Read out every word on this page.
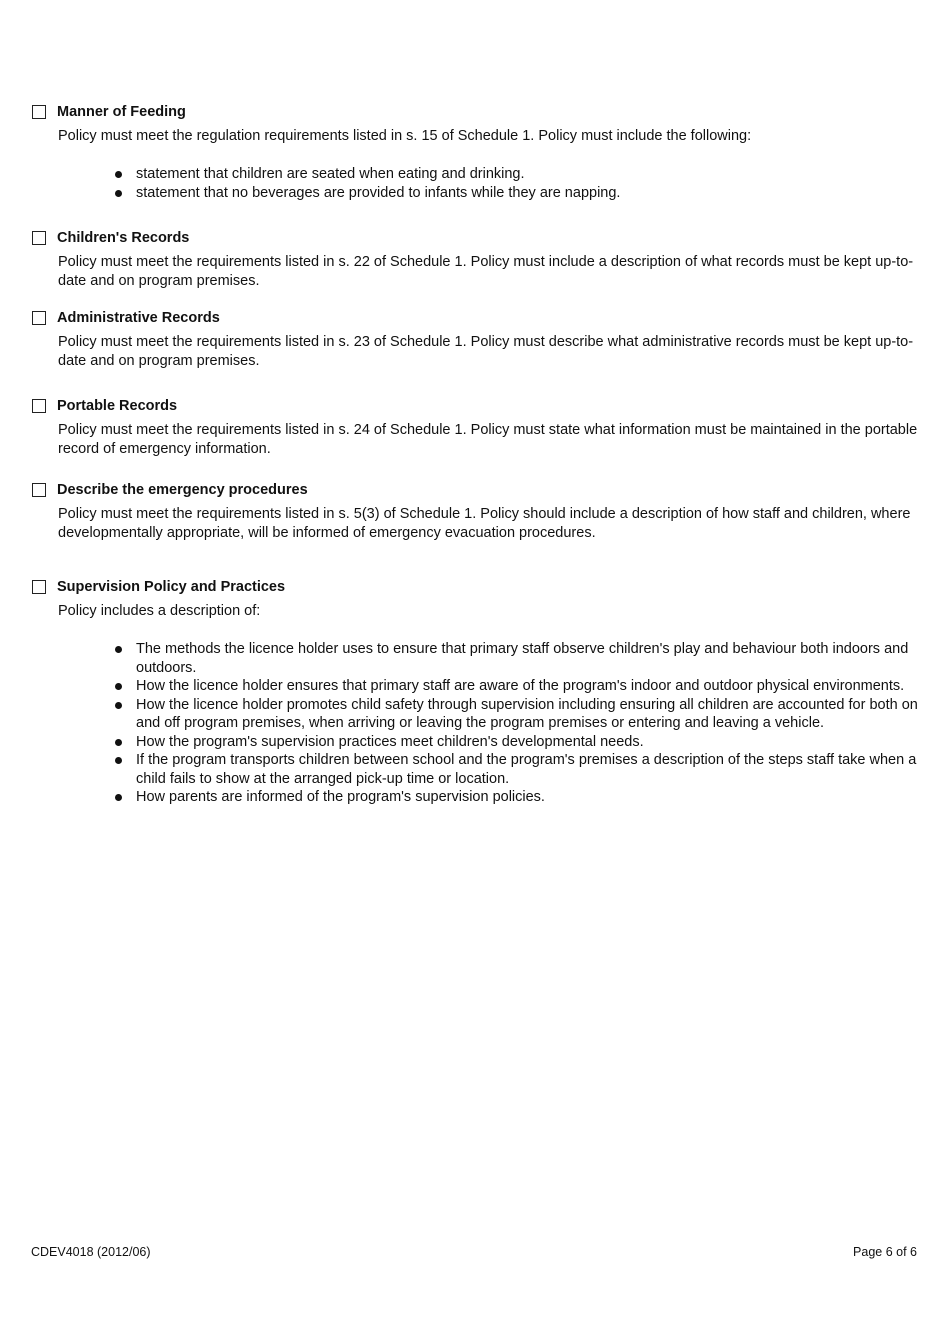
Manner of Feeding
Policy must meet the regulation requirements listed in s. 15 of Schedule 1. Policy must include the following:
statement that children are seated when eating and drinking.
statement that no beverages are provided to infants while they are napping.
Children's Records
Policy must meet the requirements listed in s. 22 of Schedule 1. Policy must include a description of what records must be kept up-to-date and on program premises.
Administrative Records
Policy must meet the requirements listed in s. 23 of Schedule 1. Policy must describe what administrative records must be kept up-to-date and on program premises.
Portable Records
Policy must meet the requirements listed in s. 24 of Schedule 1. Policy must state what information must be maintained in the portable record of emergency information.
Describe the emergency procedures
Policy must meet the requirements listed in s. 5(3) of Schedule 1. Policy should include a description of how staff and children, where developmentally appropriate, will be informed of emergency evacuation procedures.
Supervision Policy and Practices
Policy includes a description of:
The methods the licence holder uses to ensure that primary staff observe children's play and behaviour both indoors and outdoors.
How the licence holder ensures that primary staff are aware of the program's indoor and outdoor physical environments.
How the licence holder promotes child safety through supervision including ensuring all children are accounted for both on and off program premises, when arriving or leaving the program premises or entering and leaving a vehicle.
How the program's supervision practices meet children's developmental needs.
If the program transports children between school and the program's premises a description of the steps staff take when a child fails to show at the arranged pick-up time or location.
How parents are informed of the program's supervision policies.
CDEV4018 (2012/06)	Page 6 of 6
